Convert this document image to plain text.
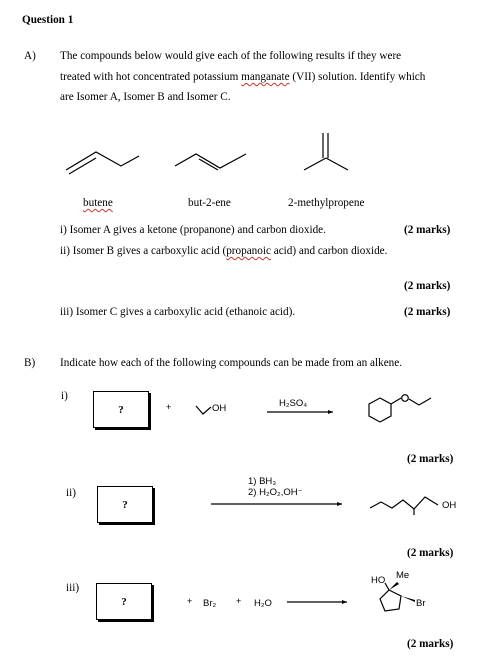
Question 1
A) The compounds below would give each of the following results if they were
treated with hot concentrated potassium manganate (VII) solution. Identify which
are Isomer A, Isomer B and Isomer C.
butene	but-2-ene	2-methylpropene
i) Isomer A gives a ketone (propanone) and carbon dioxide.	(2 marks)
ii) Isomer B gives a carboxylic acid (propanoic acid) and carbon dioxide.
(2 marks)
iii) Isomer C gives a carboxylic acid (ethanoic acid).	(2 marks)
B) Indicate how each of the following compounds can be made from an alkene.
i)
?	+	OH	H₂SO₄
(2 marks)
ii)
?
1) BH₃
2) H₂O₂,OH⁻
OH
(2 marks)
iii)
?	+ Br₂ + H₂O
HO Me
Br
(2 marks)
